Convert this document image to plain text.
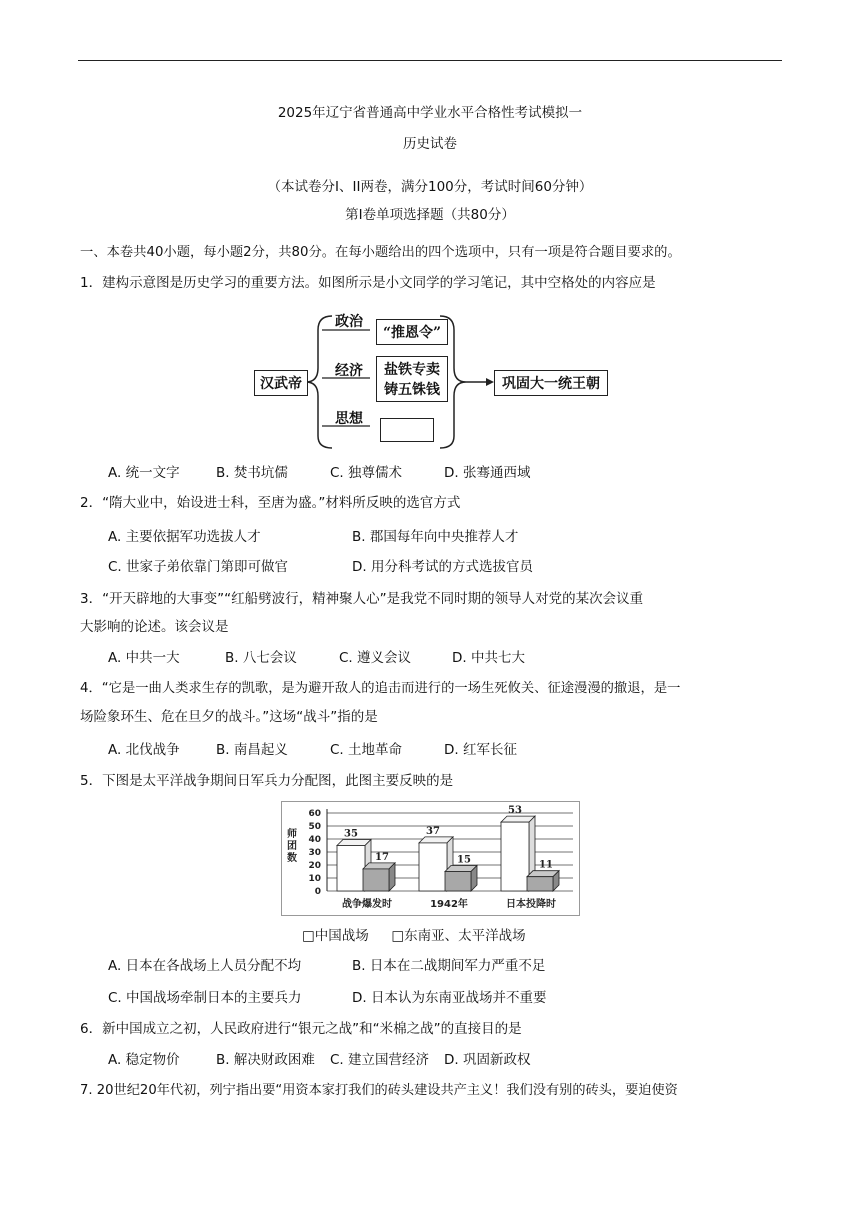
2025年辽宁省普通高中学业水平合格性考试模拟一
历史试卷
（本试卷分I、II两卷，满分100分，考试时间60分钟）
第I卷单项选择题（共80分）
一、本卷共40小题，每小题2分，共80分。在每小题给出的四个选项中，只有一项是符合题目要求的。
1．建构示意图是历史学习的重要方法。如图所示是小文同学的学习笔记，其中空格处的内容应是
汉武帝
政治
“推恩令”
经济 盐铁专卖
铸五铢钱
思想
巩固大一统王朝
A. 统一文字	B. 焚书坑儒	C. 独尊儒术	D. 张骞通西域
2．“隋大业中，始设进士科，至唐为盛。”材料所反映的选官方式
A. 主要依据军功选拔人才	B. 郡国每年向中央推荐人才
C. 世家子弟依靠门第即可做官	D. 用分科考试的方式选拔官员
3．“开天辟地的大事变”“红船劈波行，精神聚人心”是我党不同时期的领导人对党的某次会议重
大影响的论述。该会议是
A. 中共一大	B. 八七会议	C. 遵义会议	D. 中共七大
4．“它是一曲人类求生存的凯歌，是为避开敌人的追击而进行的一场生死攸关、征途漫漫的撤退，是一
场险象环生、危在旦夕的战斗。”这场“战斗”指的是
A. 北伐战争	B. 南昌起义	C. 土地革命	D. 红军长征
5．下图是太平洋战争期间日军兵力分配图，此图主要反映的是
0
10
20
30
40
50
60
35
17
37
15
53
11
战争爆发时	1942年	日本投降时
师团数
□中国战场 □东南亚、太平洋战场
A. 日本在各战场上人员分配不均	B. 日本在二战期间军力严重不足
C. 中国战场牵制日本的主要兵力	D. 日本认为东南亚战场并不重要
6．新中国成立之初，人民政府进行“银元之战”和“米棉之战”的直接目的是
A. 稳定物价	B. 解决财政困难 C. 建立国营经济 D. 巩固新政权
7. 20世纪20年代初，列宁指出要“用资本家打我们的砖头建设共产主义！我们没有别的砖头，要迫使资
